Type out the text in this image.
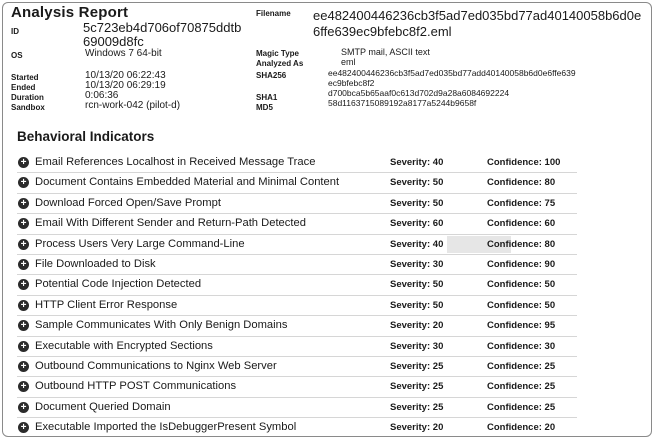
Analysis Report
ID	5c723eb4d706of70875ddtb
69009d8fc
OS	Windows 7 64-bit
Started	10/13/20 06:22:43
Ended	10/13/20 06:29:19
Duration	0:06:36
Sandbox	rcn-work-042 (pilot-d)
Filename ee482400446236cb3f5ad7ed035bd77ad40140058b6d0e
6ffe639ec9bfebc8f2.eml
Magic Type	SMTP mail, ASCII text
Analyzed As	eml
SHA256	ee482400446236cb3f5ad7ed035bd77add40140058b6d0e6ffe639
ec9bfebc8f2
SHA1	d700bca5b65aaf0c613d702d9a28a6084692224
MD5	58d1163715089192a8177a5244b9658f
Behavioral Indicators
+ Email References Localhost in Received Message Trace	Severity: 40	Confidence: 100
+ Document Contains Embedded Material and Minimal Content	Severity: 50	Confidence: 80
+ Download Forced Open/Save Prompt	Severity: 50	Confidence: 75
+ Email With Different Sender and Return-Path Detected	Severity: 60	Confidence: 60
+ Process Users Very Large Command-Line	Severity: 40	Confidence: 80
+ File Downloaded to Disk	Severity: 30	Confidence: 90
+ Potential Code Injection Detected	Severity: 50	Confidence: 50
+ HTTP Client Error Response	Severity: 50	Confidence: 50
+ Sample Communicates With Only Benign Domains	Severity: 20	Confidence: 95
+ Executable with Encrypted Sections	Severity: 30	Confidence: 30
+ Outbound Communications to Nginx Web Server	Severity: 25	Confidence: 25
+ Outbound HTTP POST Communications	Severity: 25	Confidence: 25
+ Document Queried Domain	Severity: 25	Confidence: 25
+ Executable Imported the IsDebuggerPresent Symbol	Severity: 20	Confidence: 20
